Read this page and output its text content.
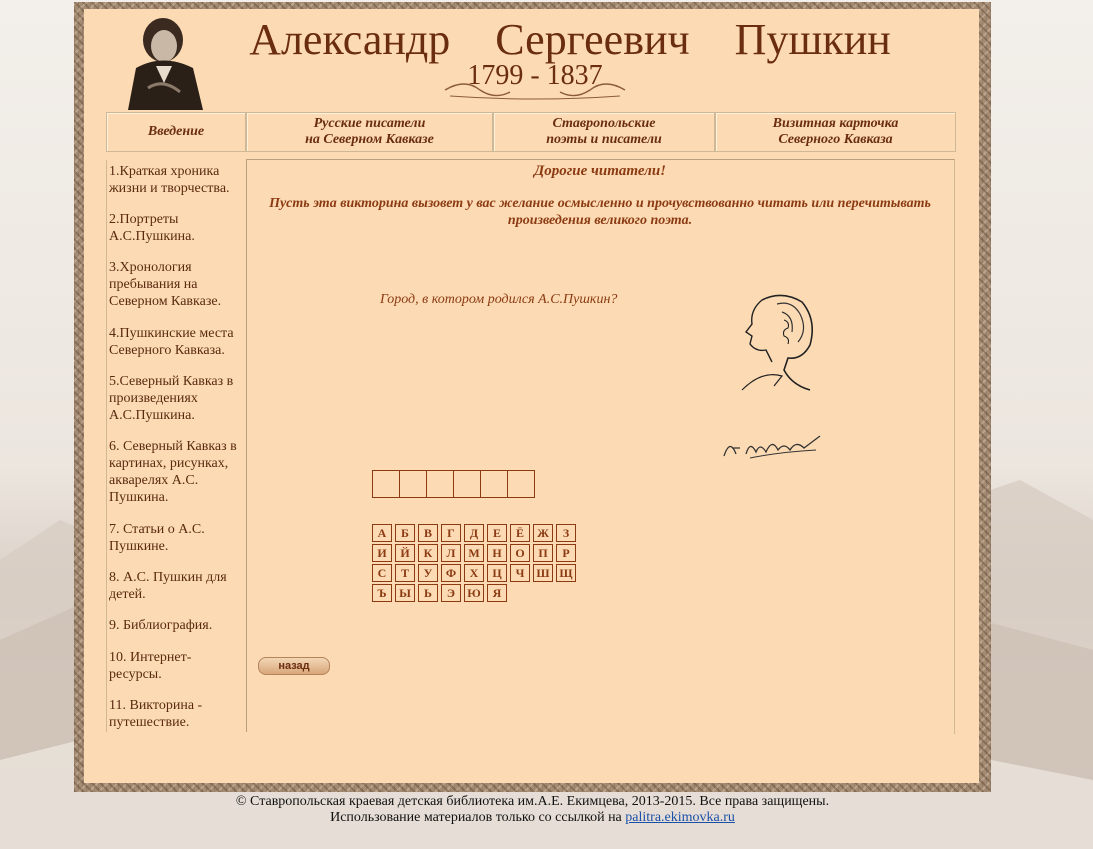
Александр Сергеевич Пушкин
1799 - 1837
Введение
Русские писатели
на Северном Кавказе
Ставропольские
поэты и писатели
Визитная карточка
Северного Кавказа
1.Краткая хроника жизни и творчества.
2.Портреты А.С.Пушкина.
3.Хронология пребывания на Северном Кавказе.
4.Пушкинские места Северного Кавказа.
5.Северный Кавказ в произведениях А.С.Пушкина.
6. Северный Кавказ в картинах, рисунках, акварелях А.С. Пушкина.
7. Статьи о А.С. Пушкине.
8. А.С. Пушкин для детей.
9. Библиография.
10. Интернет-ресурсы.
11. Викторина - путешествие.
Дорогие читатели!
Пусть эта викторина вызовет у вас желание осмысленно и прочувствованно читать или перечитывать произведения великого поэта.
Город, в котором родился А.С.Пушкин?
А	Б	В	Г	Д	Е	Ё	Ж	З
И	Й	К	Л	М	Н	О	П	Р
С	Т	У	Ф	Х	Ц	Ч	Ш Щ
Ъ	Ы	Ь	Э	Ю Я
назад
© Ставропольская краевая детская библиотека им.А.Е. Екимцева, 2013-2015. Все права защищены.
Использование материалов только со ссылкой на palitra.ekimovka.ru
